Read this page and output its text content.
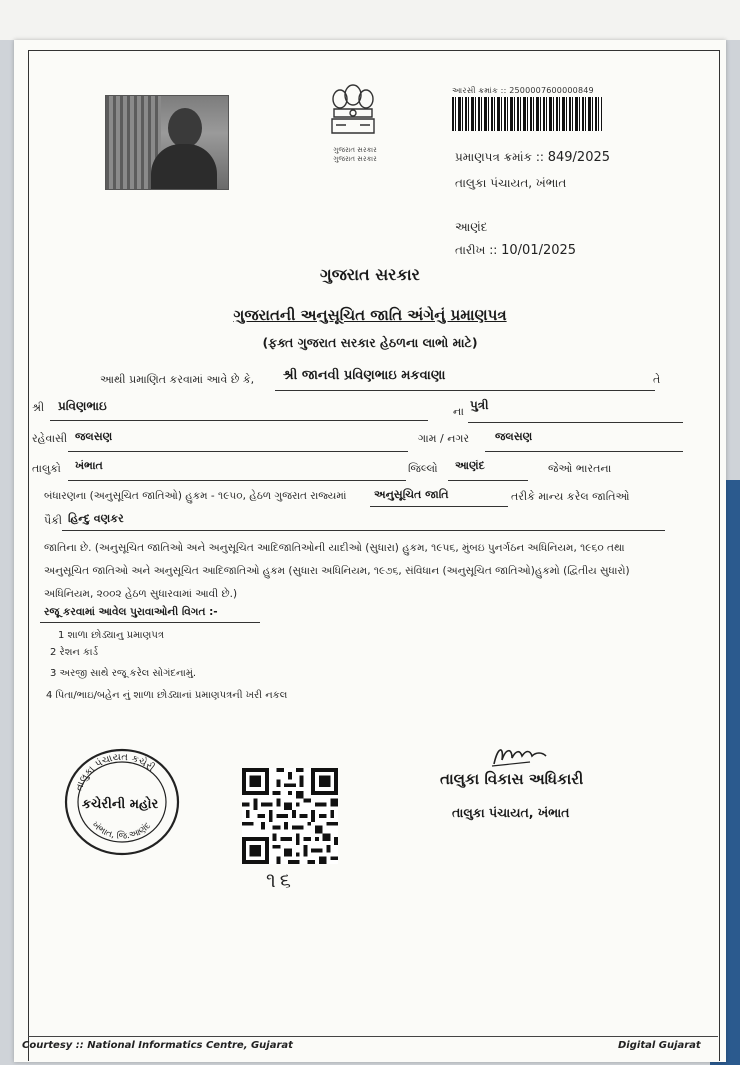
ગુજરાત સરકાર
ગુજરાત સરકાર
આરસી ક્રમાંક :: 2500007600000849
પ્રમાણપત્ર ક્રમાંક :: 849/2025
તાલુકા પંચાયત, ખંભાત
આણંદ
તારીખ :: 10/01/2025
ગુજરાત સરકાર
ગુજરાતની અનુસૂચિત જાતિ અંગેનું પ્રમાણપત્ર
(ફક્ત ગુજરાત સરકાર હેઠળના લાભો માટે)
આથી પ્રમાણિત કરવામાં આવે છે કે, શ્રી જાનવી પ્રવિણભાઇ મકવાણા	તે
શ્રી પ્રવિણભાઇ	ના પુત્રી
રહેવાસી જલસણ	ગામ / નગર જલસણ
તાલુકો ખંભાત	જિલ્લો આણંદ	જેઓ ભારતના
બંધારણના (અનુસૂચિત જાતિઓ) હુકમ - ૧૯૫૦, હેઠળ ગુજરાત રાજ્યમાં	અનુસૂચિત જાતિ	તરીકે માન્ય કરેલ જાતિઓ
પૈકી હિન્દુ વણકર
જાતિના છે. (અનુસૂચિત જાતિઓ અને અનુસૂચિત આદિજાતિઓની યાદીઓ (સુધારા) હુકમ, ૧૯૫૬, મુંબઇ પુનર્ગઠન અધિનિયમ, ૧૯૬૦ તથા અનુસૂચિત જાતિઓ અને અનુસૂચિત આદિજાતિઓ હુકમ (સુધારા અધિનિયમ, ૧૯૭૬, સંવિધાન (અનુસૂચિત જાતિઓ)હુકમો (દ્વિતીય સુધારો) અધિનિયમ, ૨૦૦૨ હેઠળ સુધારવામાં આવી છે.)
રજૂ કરવામાં આવેલ પુરાવાઓની વિગત :-
1 શાળા છોડ્યાનુ પ્રમાણપત્ર
2 રેશન કાર્ડ
3 અરજી સાથે રજૂ કરેલ સોગંદનામું.
4 પિતા/ભાઇ/બહેન નું શાળા છોડ્યાનાં પ્રમાણપત્રની ખરી નકલ
તાલુકા પંચાયત કચેરી
કચેરીની મહોર
ખંભાત, જિ.આણંદ
૧૬
તાલુકા વિકાસ અધિકારી
તાલુકા પંચાયત, ખંભાત
Courtesy :: National Informatics Centre, Gujarat	Digital Gujarat
